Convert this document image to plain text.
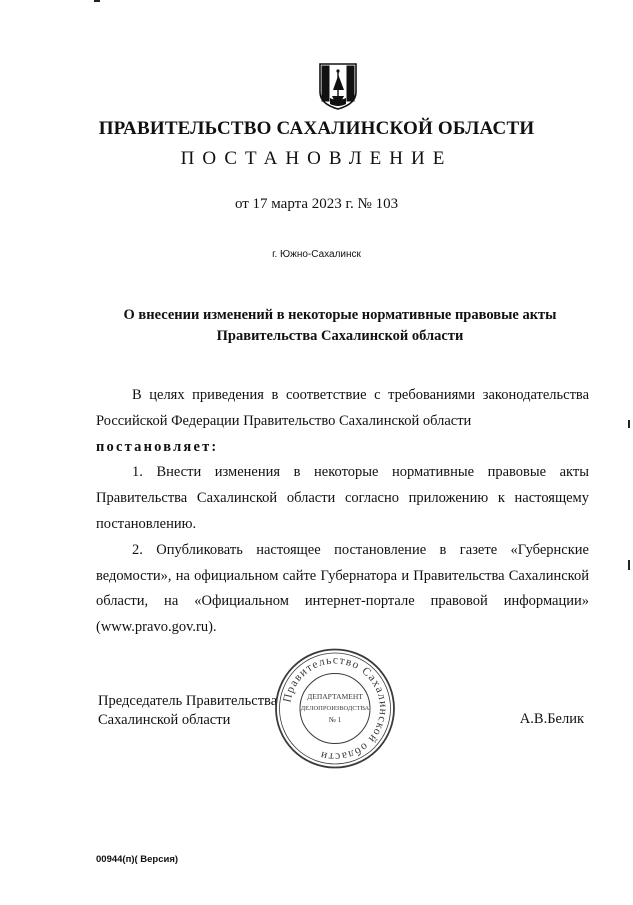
ПРАВИТЕЛЬСТВО САХАЛИНСКОЙ ОБЛАСТИ
ПОСТАНОВЛЕНИЕ
от 17 марта 2023 г. № 103
г. Южно-Сахалинск
О внесении изменений в некоторые нормативные правовые акты
Правительства Сахалинской области

В целях приведения в соответствие с требованиями законодательства Российской Федерации Правительство Сахалинской области

постановляет:

1. Внести изменения в некоторые нормативные правовые акты Правительства Сахалинской области согласно приложению к настоящему постановлению.

2. Опубликовать настоящее постановление в газете «Губернские ведомости», на официальном сайте Губернатора и Правительства Сахалинской области, на «Официальном интернет-портале правовой информации» (www.pravo.gov.ru).

Председатель Правительства
Сахалинской области	А.В.Белик
Правительство Сахалинской области
ДЕПАРТАМЕНТ
ДЕЛОПРОИЗВОДСТВА
№ 1
00944(п)( Версия)
